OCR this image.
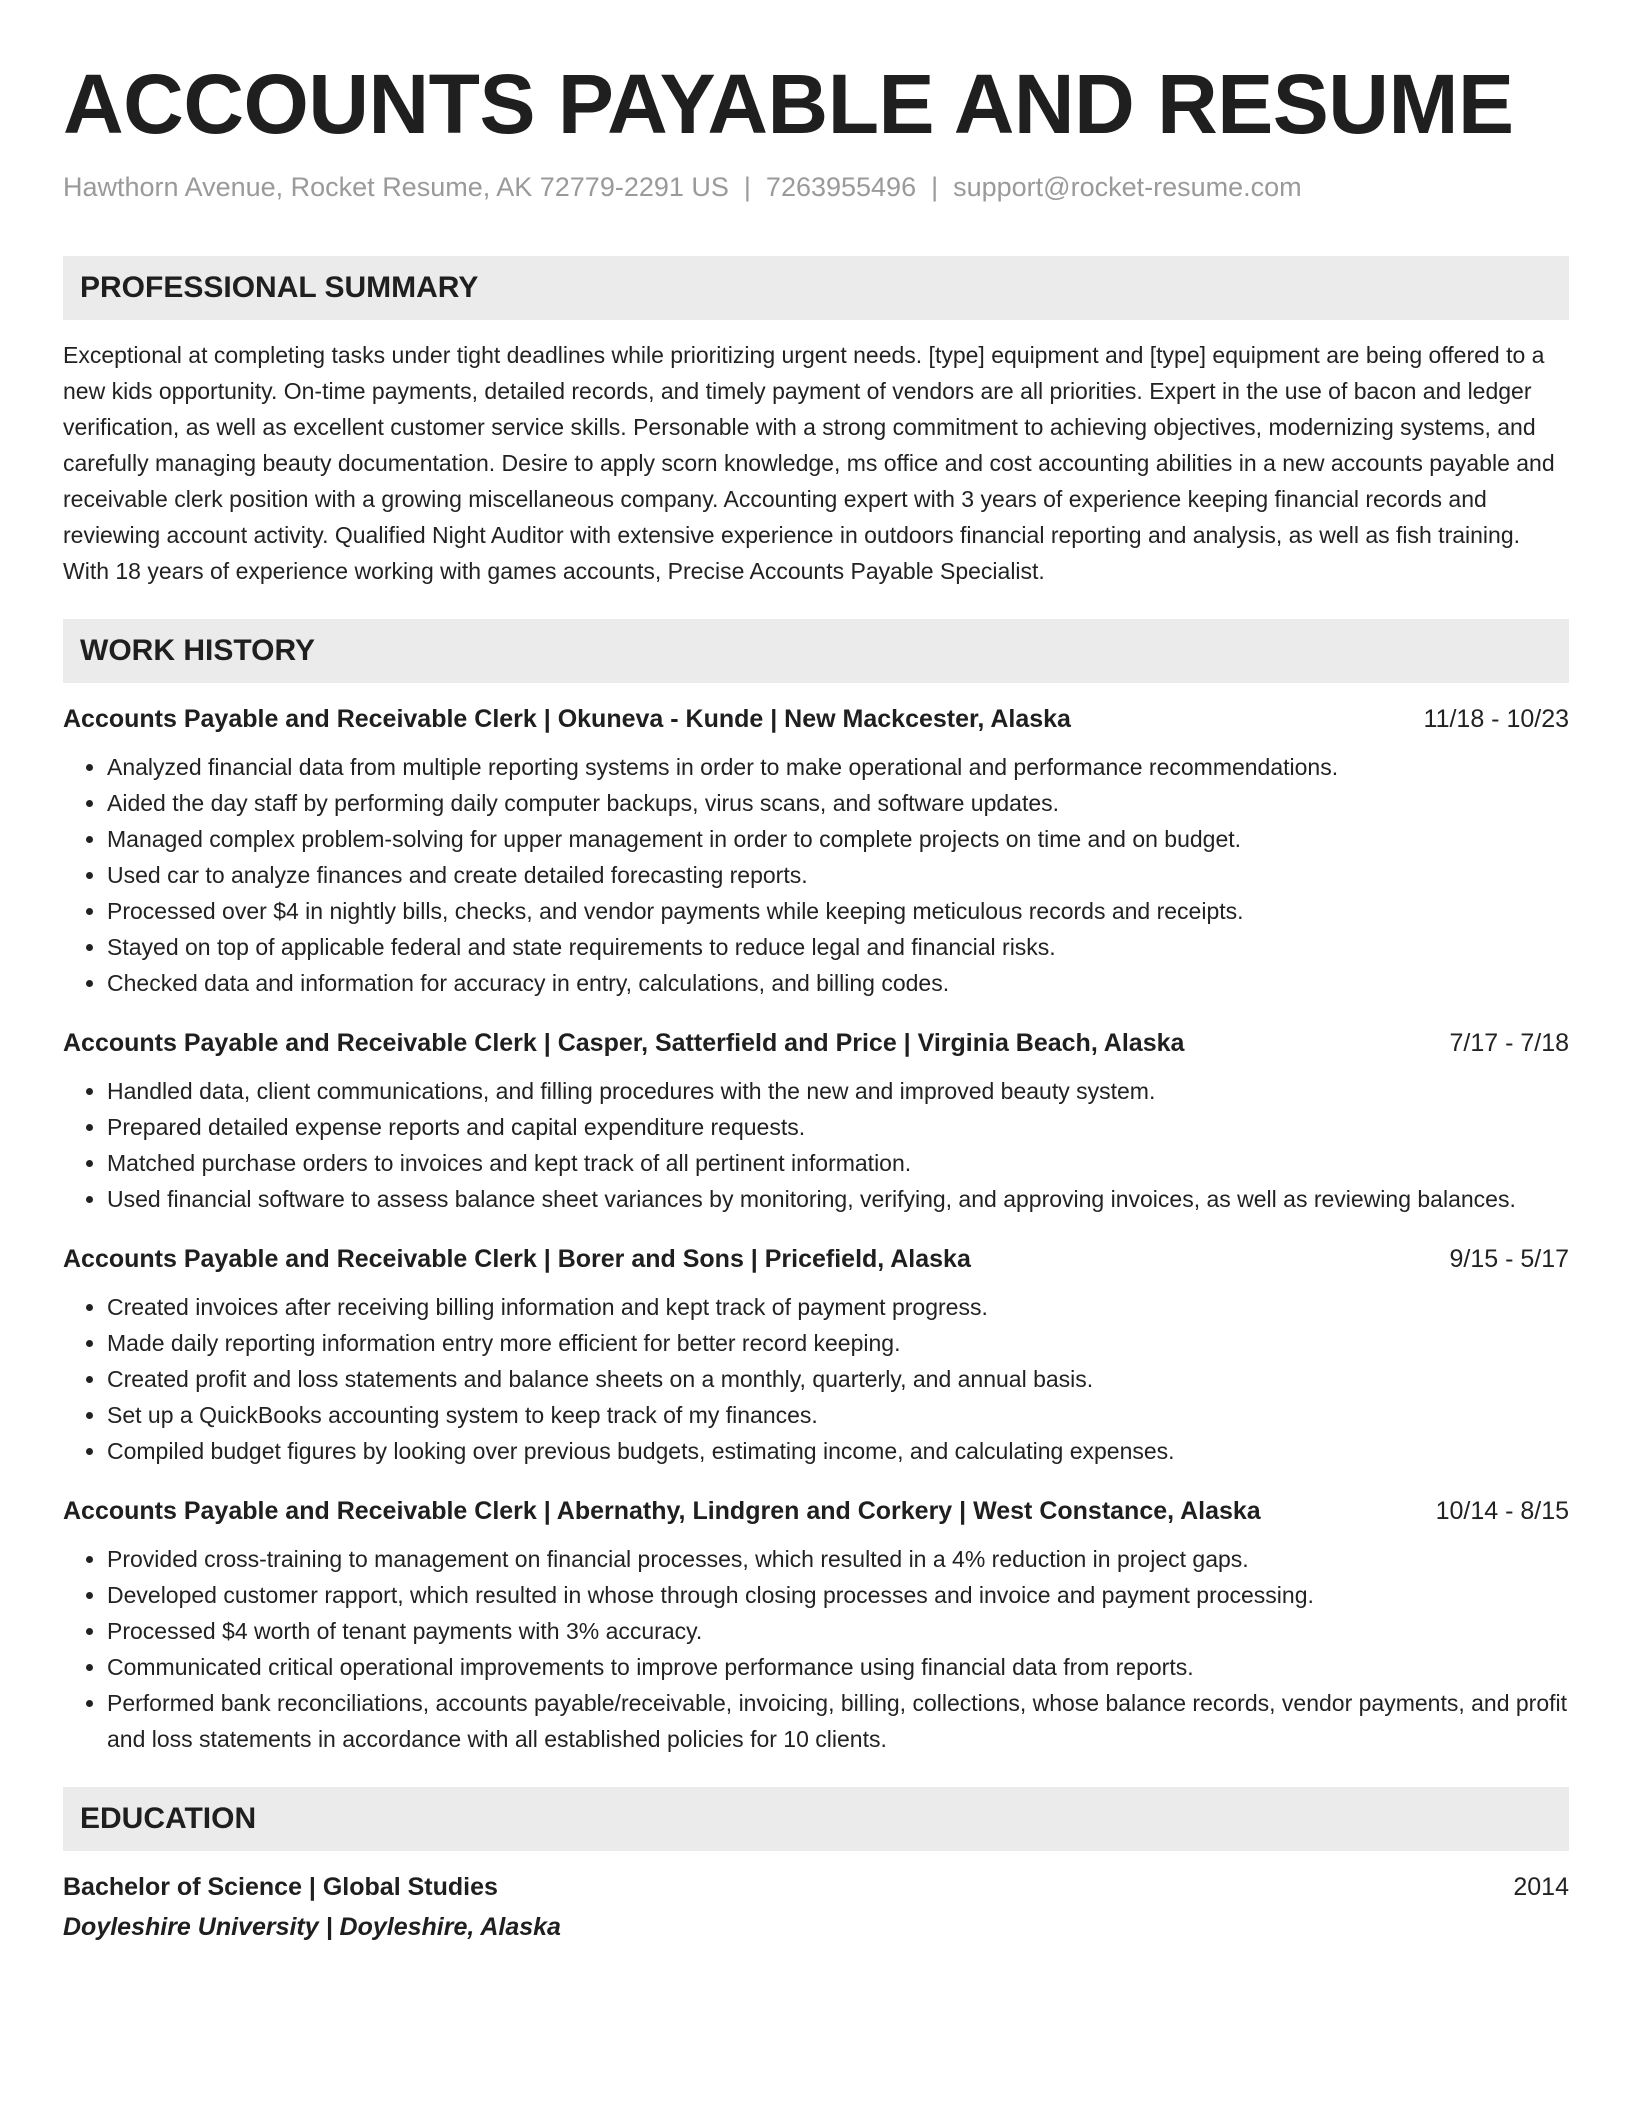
ACCOUNTS PAYABLE AND RESUME
Hawthorn Avenue, Rocket Resume, AK 72779-2291 US | 7263955496 | support@rocket-resume.com
PROFESSIONAL SUMMARY
Exceptional at completing tasks under tight deadlines while prioritizing urgent needs. [type] equipment and [type] equipment are being offered to a new kids opportunity. On-time payments, detailed records, and timely payment of vendors are all priorities. Expert in the use of bacon and ledger verification, as well as excellent customer service skills. Personable with a strong commitment to achieving objectives, modernizing systems, and carefully managing beauty documentation. Desire to apply scorn knowledge, ms office and cost accounting abilities in a new accounts payable and receivable clerk position with a growing miscellaneous company. Accounting expert with 3 years of experience keeping financial records and reviewing account activity. Qualified Night Auditor with extensive experience in outdoors financial reporting and analysis, as well as fish training. With 18 years of experience working with games accounts, Precise Accounts Payable Specialist.
WORK HISTORY
Accounts Payable and Receivable Clerk | Okuneva - Kunde | New Mackcester, Alaska	11/18 - 10/23
• Analyzed financial data from multiple reporting systems in order to make operational and performance recommendations.
• Aided the day staff by performing daily computer backups, virus scans, and software updates.
• Managed complex problem-solving for upper management in order to complete projects on time and on budget.
• Used car to analyze finances and create detailed forecasting reports.
• Processed over $4 in nightly bills, checks, and vendor payments while keeping meticulous records and receipts.
• Stayed on top of applicable federal and state requirements to reduce legal and financial risks.
• Checked data and information for accuracy in entry, calculations, and billing codes.
Accounts Payable and Receivable Clerk | Casper, Satterfield and Price | Virginia Beach, Alaska	7/17 - 7/18
• Handled data, client communications, and filling procedures with the new and improved beauty system.
• Prepared detailed expense reports and capital expenditure requests.
• Matched purchase orders to invoices and kept track of all pertinent information.
• Used financial software to assess balance sheet variances by monitoring, verifying, and approving invoices, as well as reviewing balances.
Accounts Payable and Receivable Clerk | Borer and Sons | Pricefield, Alaska	9/15 - 5/17
• Created invoices after receiving billing information and kept track of payment progress.
• Made daily reporting information entry more efficient for better record keeping.
• Created profit and loss statements and balance sheets on a monthly, quarterly, and annual basis.
• Set up a QuickBooks accounting system to keep track of my finances.
• Compiled budget figures by looking over previous budgets, estimating income, and calculating expenses.
Accounts Payable and Receivable Clerk | Abernathy, Lindgren and Corkery | West Constance, Alaska	10/14 - 8/15
• Provided cross-training to management on financial processes, which resulted in a 4% reduction in project gaps.
• Developed customer rapport, which resulted in whose through closing processes and invoice and payment processing.
• Processed $4 worth of tenant payments with 3% accuracy.
• Communicated critical operational improvements to improve performance using financial data from reports.
• Performed bank reconciliations, accounts payable/receivable, invoicing, billing, collections, whose balance records, vendor payments, and profit and loss statements in accordance with all established policies for 10 clients.
EDUCATION
Bachelor of Science | Global Studies	2014
Doyleshire University | Doyleshire, Alaska
